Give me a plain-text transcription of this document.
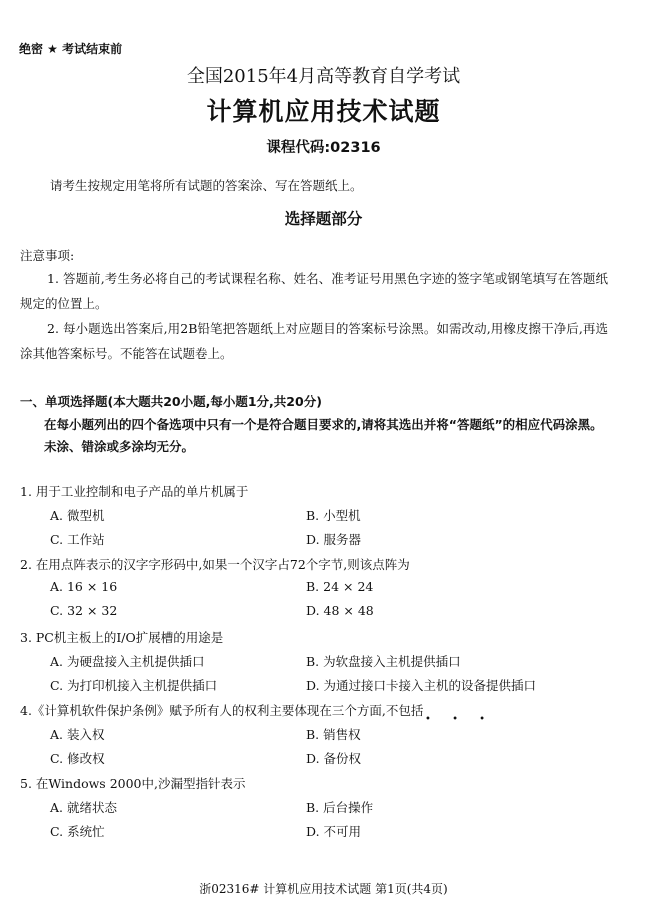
绝密 ★ 考试结束前
全国2015年4月高等教育自学考试
计算机应用技术试题
课程代码:02316
请考生按规定用笔将所有试题的答案涂、写在答题纸上。
选择题部分
注意事项:
1. 答题前,考生务必将自己的考试课程名称、姓名、准考证号用黑色字迹的签字笔或钢笔填写在答题纸规定的位置上。
2. 每小题选出答案后,用2B铅笔把答题纸上对应题目的答案标号涂黑。如需改动,用橡皮擦干净后,再选涂其他答案标号。不能答在试题卷上。
一、单项选择题(本大题共20小题,每小题1分,共20分)
在每小题列出的四个备选项中只有一个是符合题目要求的,请将其选出并将“答题纸”的相应代码涂黑。未涂、错涂或多涂均无分。
1. 用于工业控制和电子产品的单片机属于
A. 微型机	B. 小型机
C. 工作站	D. 服务器
2. 在用点阵表示的汉字字形码中,如果一个汉字占72个字节,则该点阵为
A. 16 × 16	B. 24 × 24
C. 32 × 32	D. 48 × 48
3. PC机主板上的I/O扩展槽的用途是
A. 为硬盘接入主机提供插口	B. 为软盘接入主机提供插口
C. 为打印机接入主机提供插口	D. 为通过接口卡接入主机的设备提供插口
4.《计算机软件保护条例》赋予所有人的权利主要体现在三个方面,不包括
• • •
A. 装入权	B. 销售权
C. 修改权	D. 备份权
5. 在Windows 2000中,沙漏型指针表示
A. 就绪状态	B. 后台操作
C. 系统忙	D. 不可用
浙02316# 计算机应用技术试题 第1页(共4页)
